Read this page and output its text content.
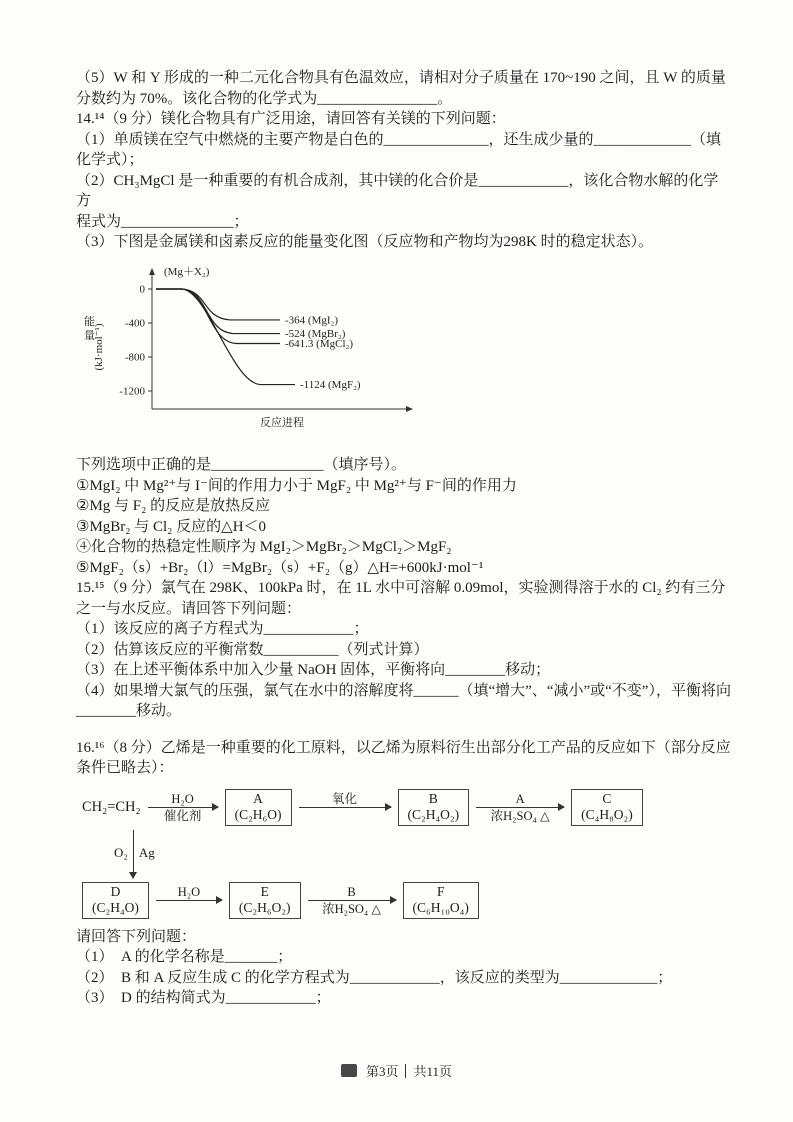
（5）W 和 Y 形成的一种二元化合物具有色温效应，请相对分子质量在 170~190 之间，且 W 的质量
分数约为 70%。该化合物的化学式为________________。
14.¹⁴（9 分）镁化合物具有广泛用途，请回答有关镁的下列问题：
（1）单质镁在空气中燃烧的主要产物是白色的______________，还生成少量的_____________（填
化学式）；
（2）CH₃MgCl 是一种重要的有机合成剂，其中镁的化合价是____________，该化合物水解的化学方
程式为_______________；
（3）下图是金属镁和卤素反应的能量变化图（反应物和产物均为298K 时的稳定状态）。
(Mg＋X₂)
0
-400
-800
-1200
能
量
(kJ·mol⁻¹)
-364 (MgI₂)
-524 (MgBr₂)
-641.3 (MgCl₂)
-1124 (MgF₂)
反应进程
下列选项中正确的是_______________（填序号）。
①MgI₂ 中 Mg²⁺与 I⁻间的作用力小于 MgF₂ 中 Mg²⁺与 F⁻间的作用力
②Mg 与 F₂ 的反应是放热反应
③MgBr₂ 与 Cl₂ 反应的△H＜0
④化合物的热稳定性顺序为 MgI₂＞MgBr₂＞MgCl₂＞MgF₂
⑤MgF₂（s）+Br₂（l）=MgBr₂（s）+F₂（g）△H=+600kJ·mol⁻¹
15.¹⁵（9 分）氯气在 298K、100kPa 时，在 1L 水中可溶解 0.09mol，实验测得溶于水的 Cl₂ 约有三分
之一与水反应。请回答下列问题：
（1）该反应的离子方程式为____________；
（2）估算该反应的平衡常数__________（列式计算）
（3）在上述平衡体系中加入少量 NaOH 固体，平衡将向________移动；
（4）如果增大氯气的压强，氯气在水中的溶解度将______（填“增大”、“减小”或“不变”），平衡将向
________移动。
16.¹⁶（8 分）乙烯是一种重要的化工原料，以乙烯为原料衍生出部分化工产品的反应如下（部分反应
条件已略去）：
CH₂=CH₂
H₂O
催化剂
A
(C₂H₆O)
氧化	B
(C₂H₄O₂)
A
浓H₂SO₄ △
C
(C₄H₈O₂)
O₂ Ag
D
(C₂H₄O)
H₂O	E
(C₂H₆O₂)
B
浓H₂SO₄ △
F
(C₆H₁₀O₄)
请回答下列问题：
（1）　A 的化学名称是_______；
（2）　B 和 A 反应生成 C 的化学方程式为____________，该反应的类型为_____________；
（3）　D 的结构简式为____________；
第3页 共11页
